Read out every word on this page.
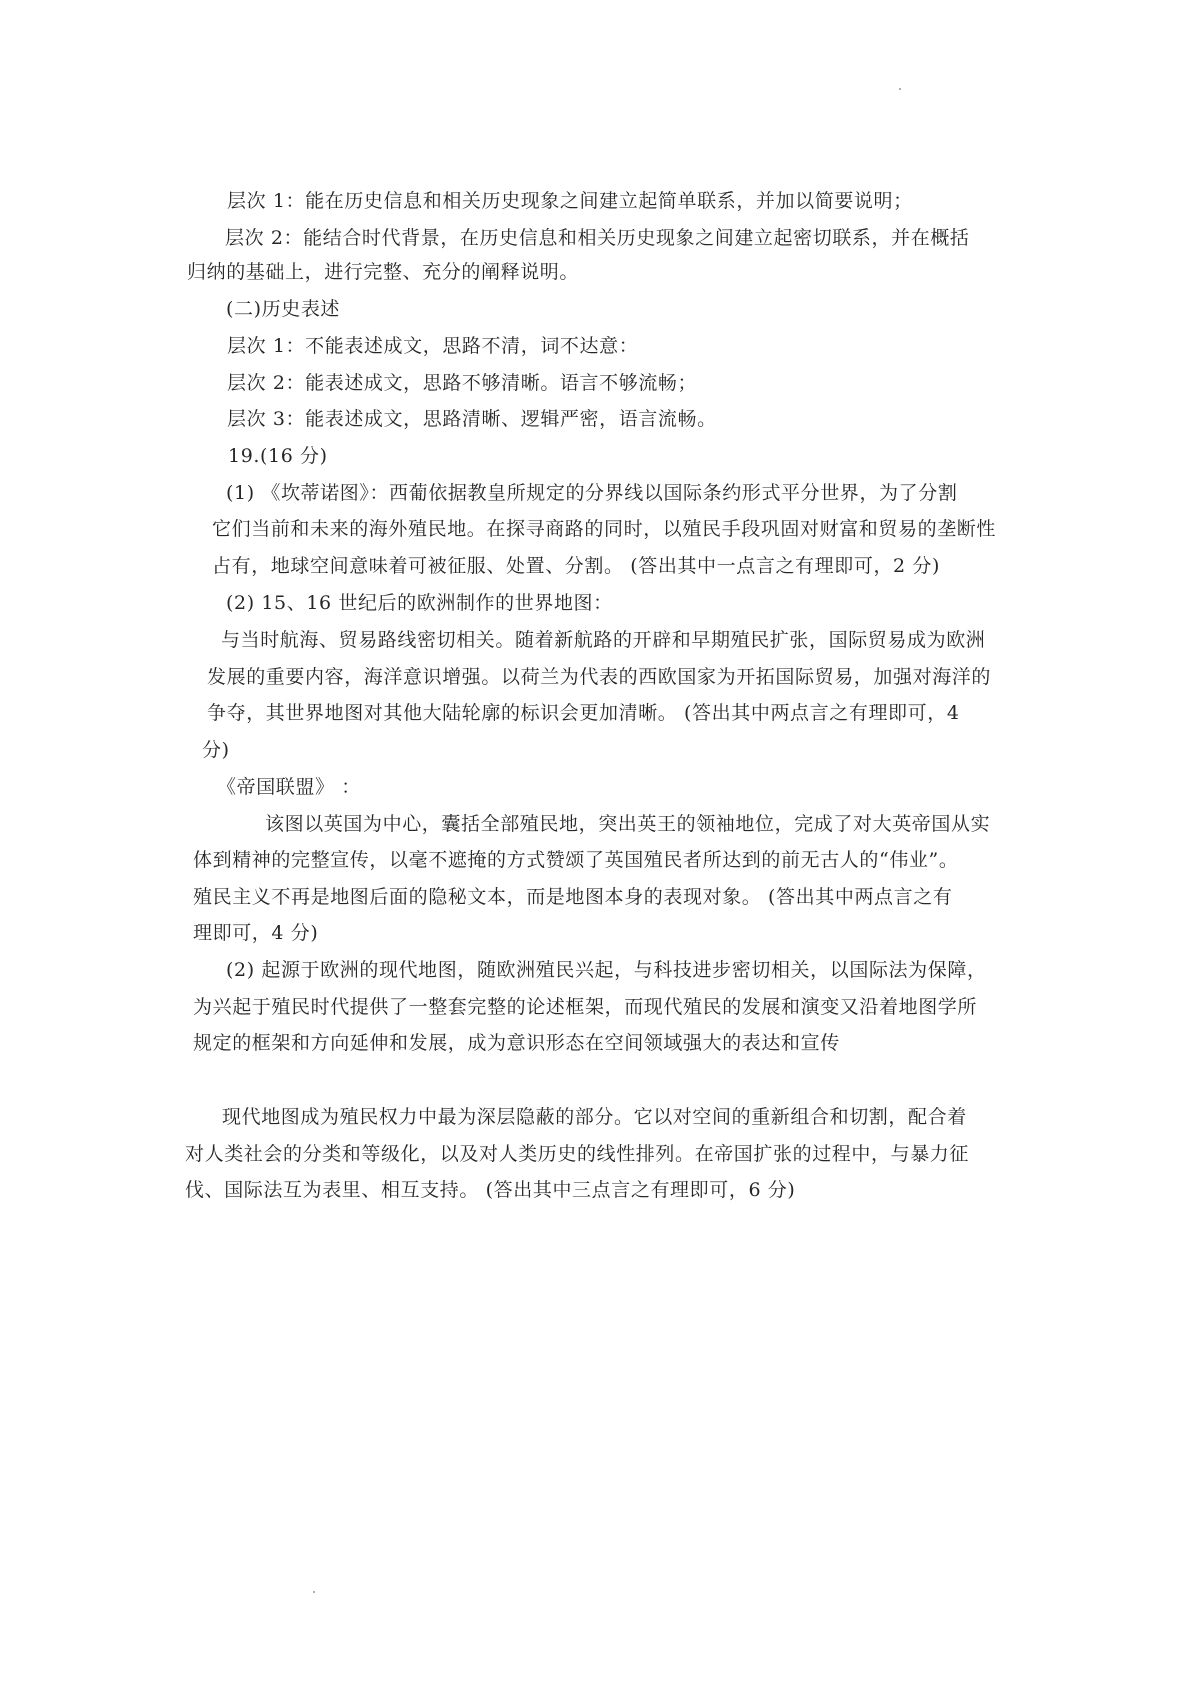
层次 1：能在历史信息和相关历史现象之间建立起简单联系，并加以简要说明；
层次 2：能结合时代背景，在历史信息和相关历史现象之间建立起密切联系，并在概括
归纳的基础上，进行完整、充分的阐释说明。
(二)历史表述
层次 1：不能表述成文，思路不清，词不达意：
层次 2：能表述成文，思路不够清晰。语言不够流畅；
层次 3：能表述成文，思路清晰、逻辑严密，语言流畅。
19.(16 分)
(1) 《坎蒂诺图》：西葡依据教皇所规定的分界线以国际条约形式平分世界，为了分割
它们当前和未来的海外殖民地。在探寻商路的同时，以殖民手段巩固对财富和贸易的垄断性
占有，地球空间意味着可被征服、处置、分割。 (答出其中一点言之有理即可，2 分)
(2) 15、16 世纪后的欧洲制作的世界地图：
与当时航海、贸易路线密切相关。随着新航路的开辟和早期殖民扩张，国际贸易成为欧洲
发展的重要内容，海洋意识增强。以荷兰为代表的西欧国家为开拓国际贸易，加强对海洋的
争夺，其世界地图对其他大陆轮廓的标识会更加清晰。 (答出其中两点言之有理即可，4
分)
《帝国联盟》 ：
该图以英国为中心，囊括全部殖民地，突出英王的领袖地位，完成了对大英帝国从实
体到精神的完整宣传，以毫不遮掩的方式赞颂了英国殖民者所达到的前无古人的“伟业”。
殖民主义不再是地图后面的隐秘文本，而是地图本身的表现对象。 (答出其中两点言之有
理即可，4 分)
(2) 起源于欧洲的现代地图，随欧洲殖民兴起，与科技进步密切相关，以国际法为保障，
为兴起于殖民时代提供了一整套完整的论述框架，而现代殖民的发展和演变又沿着地图学所
规定的框架和方向延伸和发展，成为意识形态在空间领域强大的表达和宣传
现代地图成为殖民权力中最为深层隐蔽的部分。它以对空间的重新组合和切割，配合着
对人类社会的分类和等级化，以及对人类历史的线性排列。在帝国扩张的过程中，与暴力征
伐、国际法互为表里、相互支持。 (答出其中三点言之有理即可，6 分)
